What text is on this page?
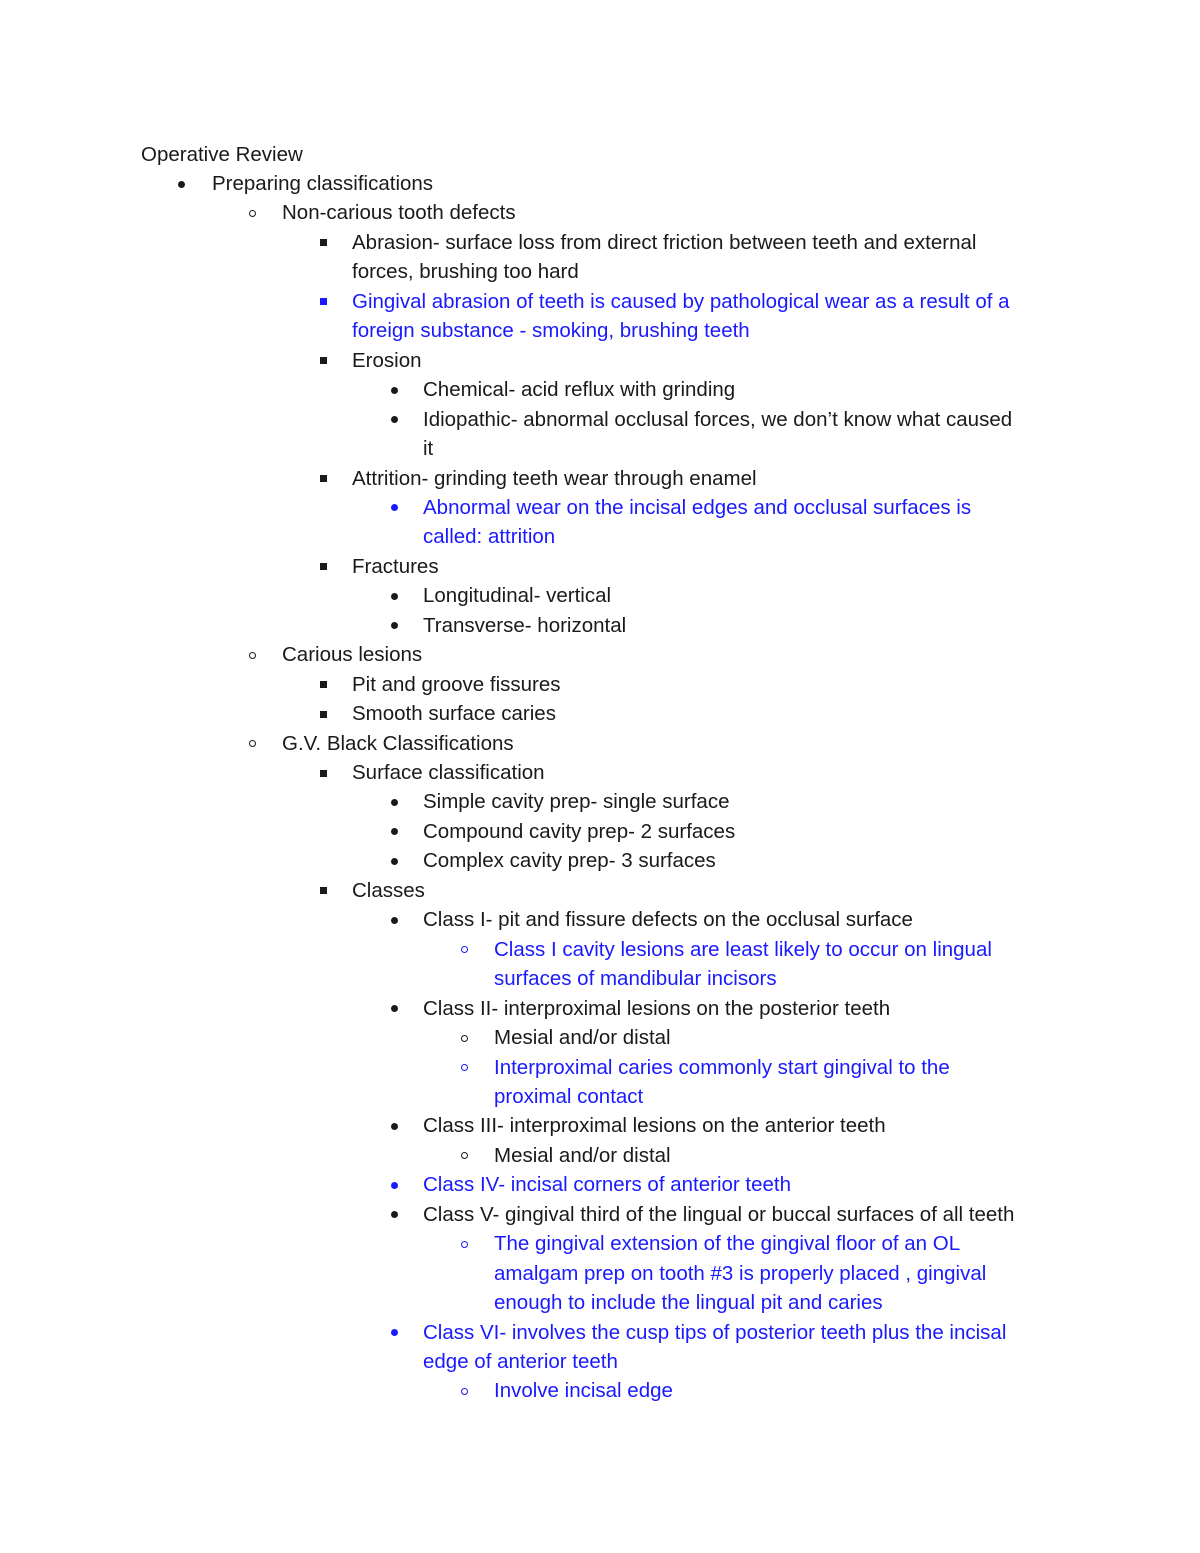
Operative Review
Preparing classifications
Non-carious tooth defects
Abrasion- surface loss from direct friction between teeth and external
forces, brushing too hard
Gingival abrasion of teeth is caused by pathological wear as a result of a
foreign substance - smoking, brushing teeth
Erosion
Chemical- acid reflux with grinding
Idiopathic- abnormal occlusal forces, we don’t know what caused
it
Attrition- grinding teeth wear through enamel
Abnormal wear on the incisal edges and occlusal surfaces is
called: attrition
Fractures
Longitudinal- vertical
Transverse- horizontal
Carious lesions
Pit and groove fissures
Smooth surface caries
G.V. Black Classifications
Surface classification
Simple cavity prep- single surface
Compound cavity prep- 2 surfaces
Complex cavity prep- 3 surfaces
Classes
Class I- pit and fissure defects on the occlusal surface
Class I cavity lesions are least likely to occur on lingual
surfaces of mandibular incisors
Class II- interproximal lesions on the posterior teeth
Mesial and/or distal
Interproximal caries commonly start gingival to the
proximal contact
Class III- interproximal lesions on the anterior teeth
Mesial and/or distal
Class IV- incisal corners of anterior teeth
Class V- gingival third of the lingual or buccal surfaces of all teeth
The gingival extension of the gingival floor of an OL
amalgam prep on tooth #3 is properly placed , gingival
enough to include the lingual pit and caries
Class VI- involves the cusp tips of posterior teeth plus the incisal
edge of anterior teeth
Involve incisal edge
